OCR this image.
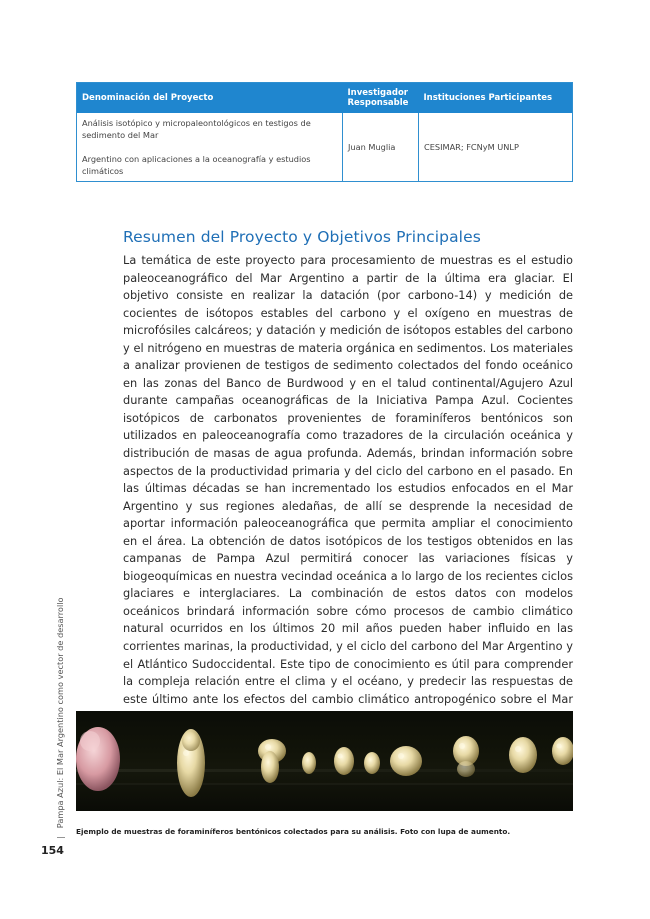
Denominación del Proyecto	Investigador Responsable	Instituciones Participantes

Análisis isotópico y micropaleontológicos en testigos de sedimento del Mar
Argentino con aplicaciones a la oceanografía y estudios climáticos	Juan Muglia	CESIMAR; FCNyM UNLP
Resumen del Proyecto y Objetivos Principales

La temática de este proyecto para procesamiento de muestras es el estudio paleoceanográfico del Mar Argentino a partir de la última era glaciar. El objetivo consiste en realizar la datación (por carbono-14) y medición de cocientes de isótopos estables del carbono y el oxígeno en muestras de microfósiles calcáreos; y datación y medición de isótopos estables del carbono y el nitrógeno en muestras de materia orgánica en sedimentos. Los materiales a analizar provienen de testigos de sedimento colectados del fondo oceánico en las zonas del Banco de Burdwood y en el talud continental/Agujero Azul durante campañas oceanográficas de la Iniciativa Pampa Azul. Cocientes isotópicos de carbonatos provenientes de foraminíferos bentónicos son utilizados en paleoceanografía como trazadores de la circulación oceánica y distribución de masas de agua profunda. Además, brindan información sobre aspectos de la productividad primaria y del ciclo del carbono en el pasado. En las últimas décadas se han incrementado los estudios enfocados en el Mar Argentino y sus regiones aledañas, de allí se desprende la necesidad de aportar información paleoceanográfica que permita ampliar el conocimiento en el área. La obtención de datos isotópicos de los testigos obtenidos en las campanas de Pampa Azul permitirá conocer las variaciones físicas y biogeoquímicas en nuestra vecindad oceánica a lo largo de los recientes ciclos glaciares e interglaciares. La combinación de estos datos con modelos oceánicos brindará información sobre cómo procesos de cambio climático natural ocurridos en los últimos 20 mil años pueden haber influido en las corrientes marinas, la productividad, y el ciclo del carbono del Mar Argentino y el Atlántico Sudoccidental. Este tipo de conocimiento es útil para comprender la compleja relación entre el clima y el océano, y predecir las respuestas de este último ante los efectos del cambio climático antropogénico sobre el Mar

Ejemplo de muestras de foraminíferos bentónicos colectados para su análisis. Foto con lupa de aumento.

|Pampa Azul: El Mar Argentino como vector de desarrollo
154
